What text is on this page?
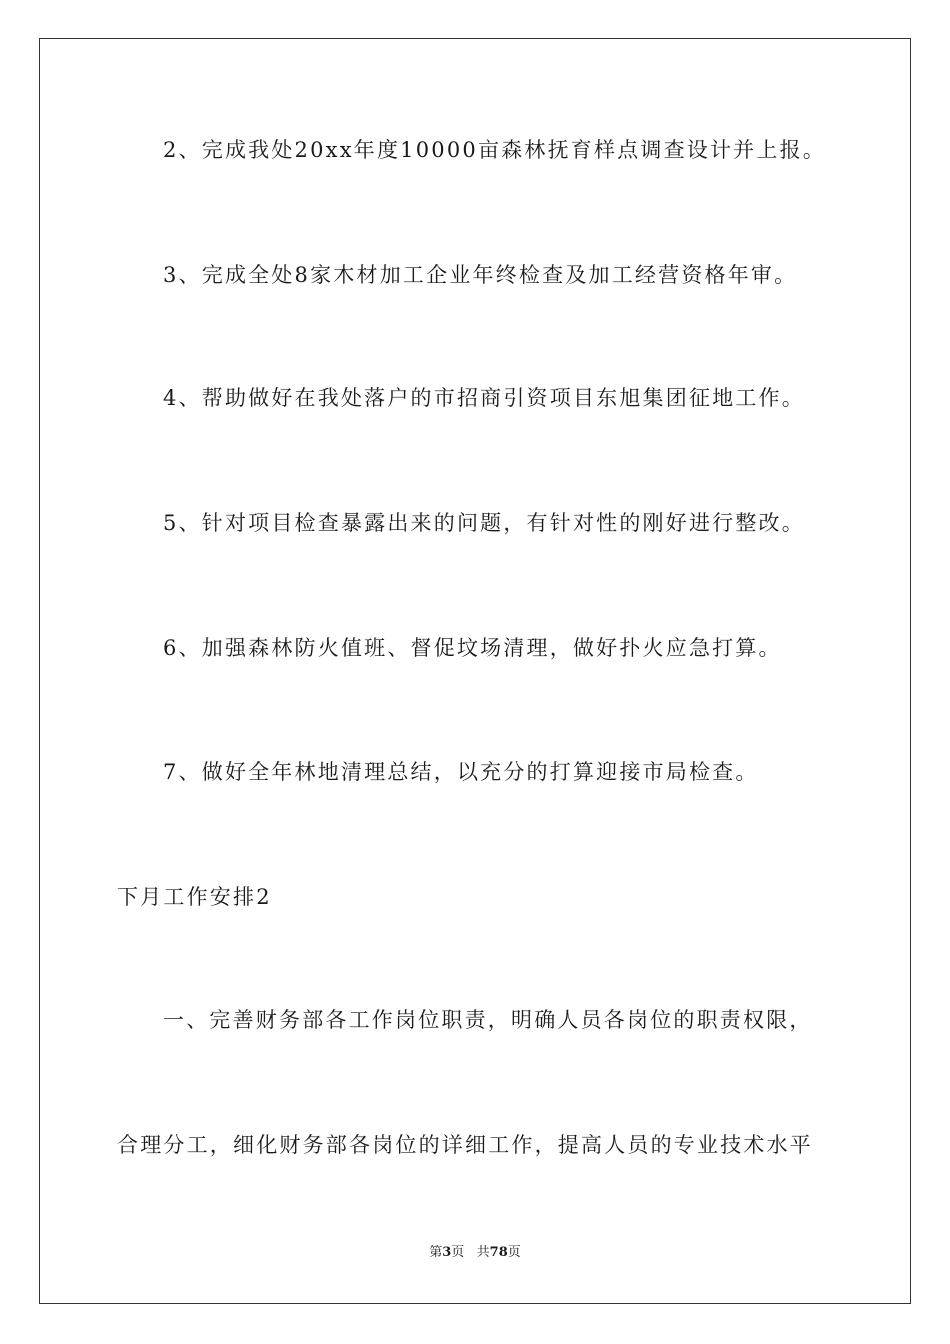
2、完成我处20xx年度10000亩森林抚育样点调查设计并上报。
3、完成全处8家木材加工企业年终检查及加工经营资格年审。
4、帮助做好在我处落户的市招商引资项目东旭集团征地工作。
5、针对项目检查暴露出来的问题，有针对性的刚好进行整改。
6、加强森林防火值班、督促坟场清理，做好扑火应急打算。
7、做好全年林地清理总结，以充分的打算迎接市局检查。
下月工作安排2
一、完善财务部各工作岗位职责，明确人员各岗位的职责权限，
合理分工，细化财务部各岗位的详细工作，提高人员的专业技术水平
第3页   共78页
